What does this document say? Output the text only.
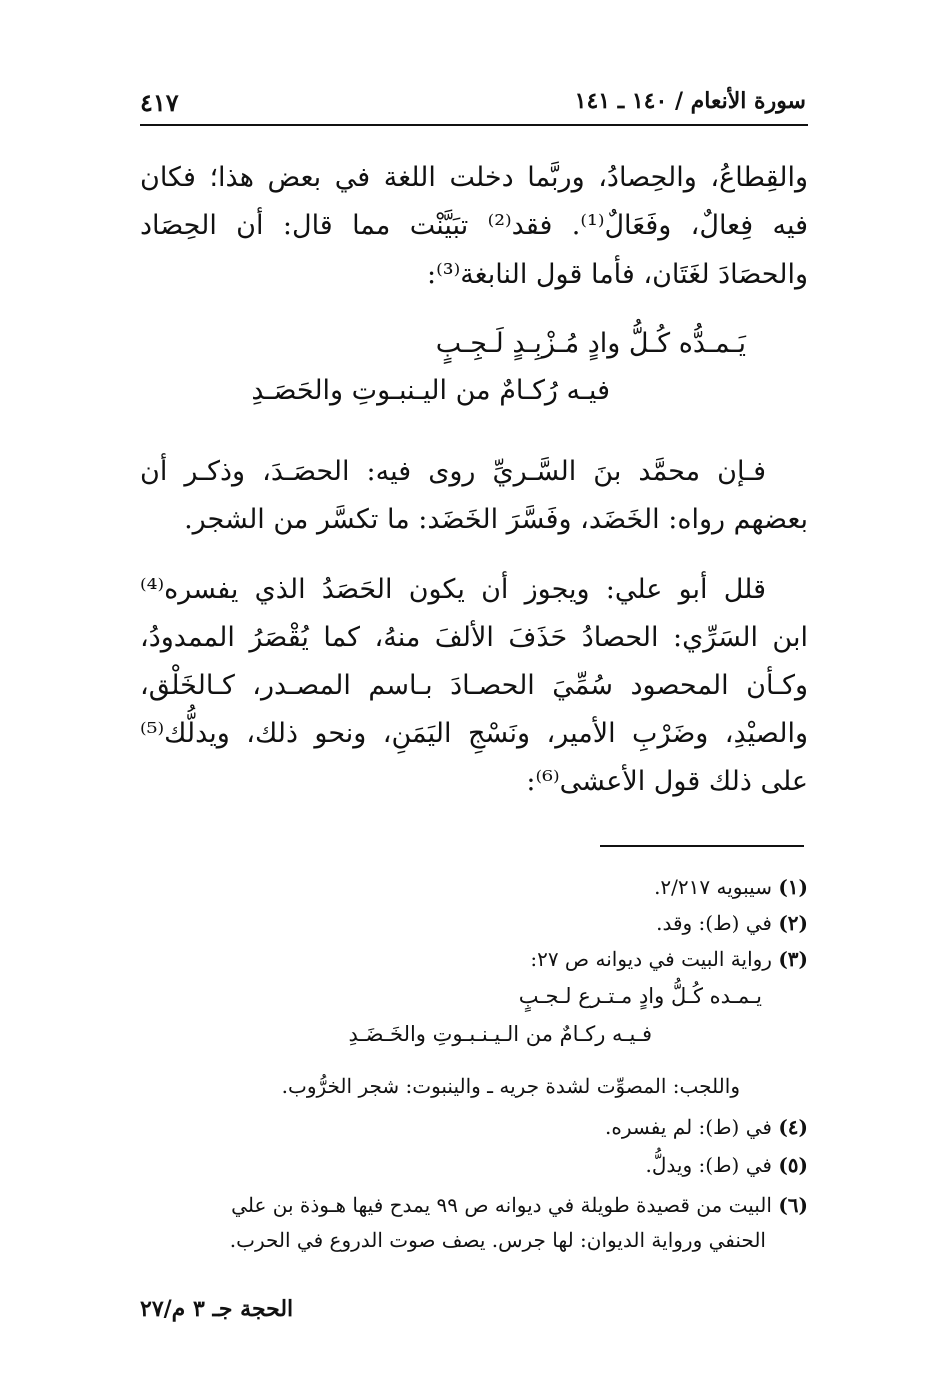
٤١٧	سورة الأنعام / ١٤٠ ـ ١٤١
والقِطاعُ، والحِصادُ، وربَّما دخلت اللغة في بعض هذا؛ فكان
فيه فِعالٌ، وفَعَالٌ⁽¹⁾. فقد⁽²⁾ تبَيَّنْت مما قال: أن الحِصَاد
والحصَادَ لغَتَان، فأما قول النابغة⁽³⁾:
يَـمـدُّه كُـلُّ وادٍ مُـزْبِـدٍ لَـجِـبٍ
فيـه رُكـامٌ من اليـنبـوتِ والحَصَـدِ
فـإن محمَّد بنَ السَّـريِّ روى فيه: الحصَـدَ، وذكـر أن
بعضهم رواه: الخَضَد، وفَسَّرَ الخَضَد: ما تكسَّر من الشجر.
قلل أبو علي: ويجوز أن يكون الحَصَدُ الذي يفسره⁽⁴⁾
ابن السَرِّي: الحصادُ حَذَفَ الألفَ منهُ، كما يُقْصَرُ الممدودُ،
وكـأن المحصود سُمِّيَ الحصـادَ بـاسم المصـدر، كـالخَلْق،
والصيْدِ، وضَرْبِ الأمير، ونَسْجِ اليَمَنِ، ونحو ذلك، ويدلُّك⁽⁵⁾
على ذلك قول الأعشى⁽⁶⁾:
(١) سيبويه ٢/٢١٧.
(٢) في (ط): وقد.
(٣) رواية البيت في ديوانه ص ٢٧:
يـمـده كُـلُّ وادٍ مـتـرع لـجـبٍ
فـيـه ركـامٌ من الـيـنـبـوتِ والخَـضَـدِ
واللجب: المصوِّت لشدة جريه ـ والينبوت: شجر الخرُّوب.
(٤) في (ط): لم يفسره.
(٥) في (ط): ويدلُّ.
(٦) البيت من قصيدة طويلة في ديوانه ص ٩٩ يمدح فيها هـوذة بن علي
الحنفي ورواية الديوان: لها جرس. يصف صوت الدروع في الحرب.
الحجة جـ ٣ م/٢٧
